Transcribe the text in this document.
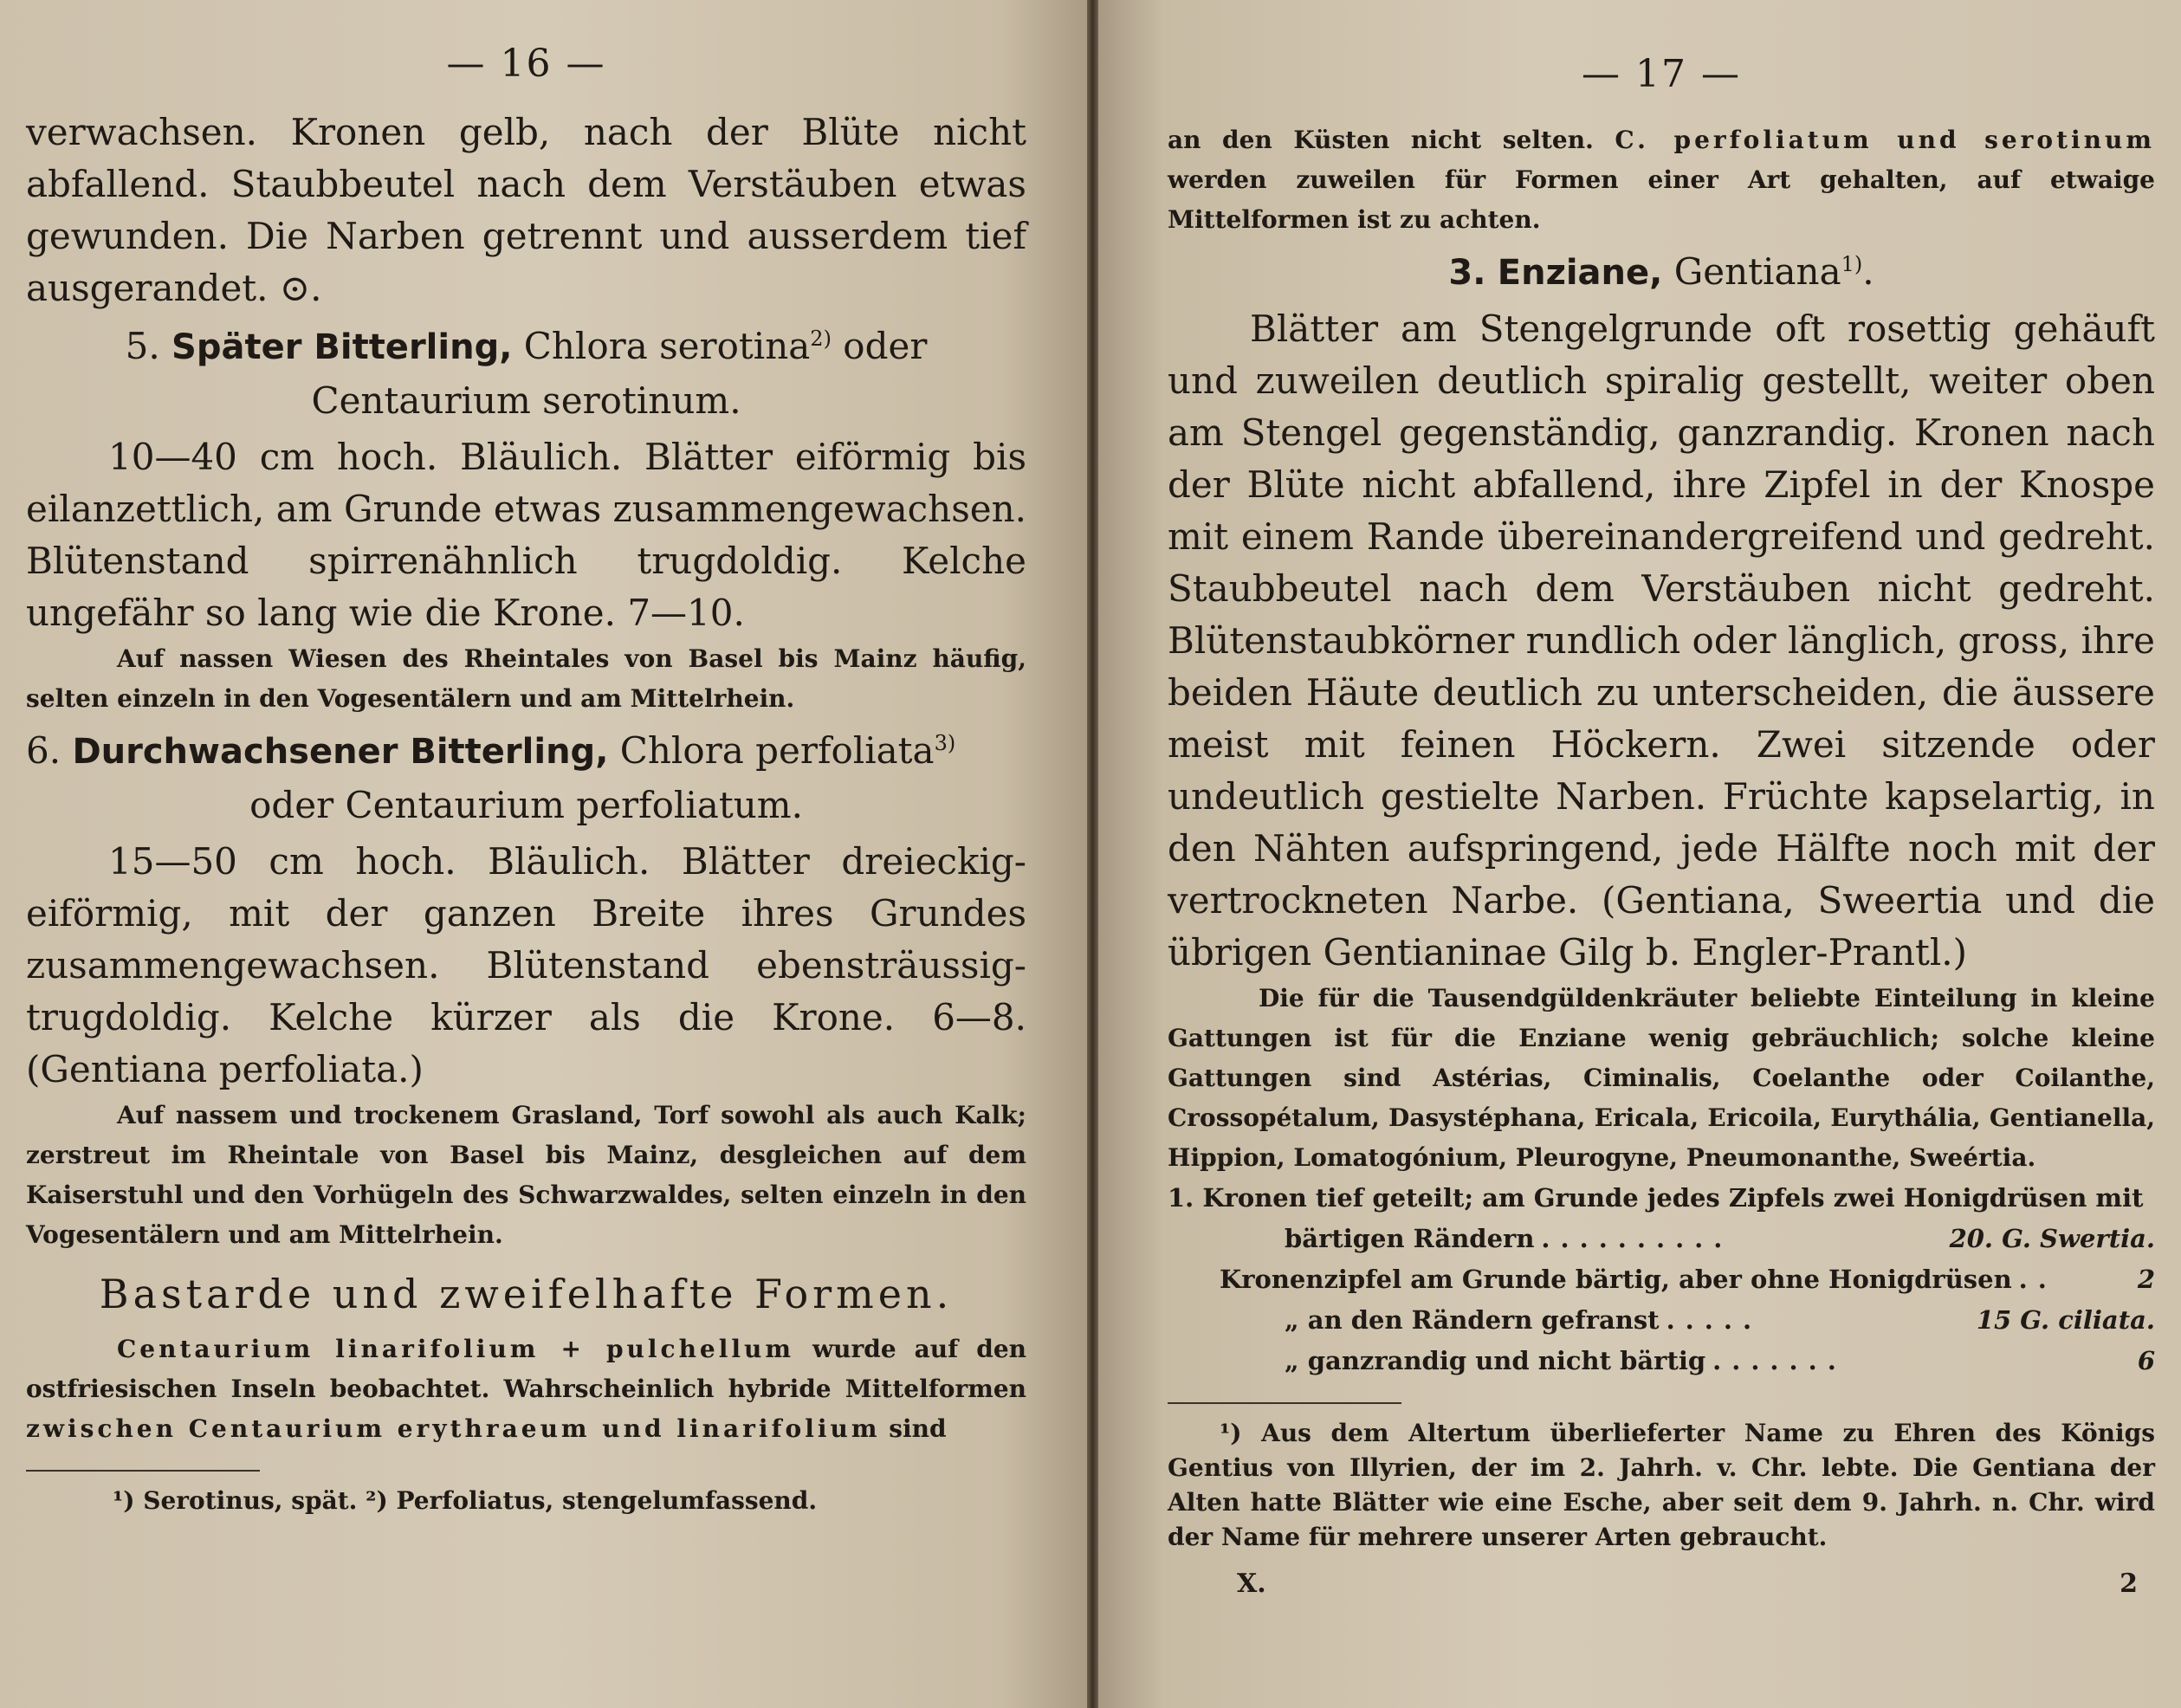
— 16 —

verwachsen. Kronen gelb, nach der Blüte nicht abfallend. Staubbeutel nach dem Verstäuben etwas gewunden. Die Narben getrennt und ausserdem tief ausgerandet. ⊙.

5. Später Bitterling, Chlora serotina$^{2)}$ oder
Centaurium serotinum.

10—40 cm hoch. Bläulich. Blätter eiförmig bis eilanzettlich, am Grunde etwas zusammengewachsen. Blütenstand spirrenähnlich trugdoldig. Kelche ungefähr so lang wie die Krone. 7—10.

Auf nassen Wiesen des Rheintales von Basel bis Mainz häufig, selten einzeln in den Vogesentälern und am Mittelrhein.

6. Durchwachsener Bitterling, Chlora perfoliata$^{3)}$

oder Centaurium perfoliatum.

15—50 cm hoch. Bläulich. Blätter dreieckig-eiförmig, mit der ganzen Breite ihres Grundes zusammengewachsen. Blütenstand ebensträussig-trugdoldig. Kelche kürzer als die Krone. 6—8. (Gentiana perfoliata.)

Auf nassem und trockenem Grasland, Torf sowohl als auch Kalk; zerstreut im Rheintale von Basel bis Mainz, desgleichen auf dem Kaiserstuhl und den Vorhügeln des Schwarzwaldes, selten einzeln in den Vogesentälern und am Mittelrhein.

Bastarde und zweifelhafte Formen.

Centaurium linarifolium + pulchellum wurde auf den ostfriesischen Inseln beobachtet. Wahrscheinlich hybride Mittelformen zwischen Centaurium erythraeum und linarifolium sind

¹) Serotinus, spät. ²) Perfoliatus, stengelumfassend.
— 17 —

an den Küsten nicht selten. C. perfoliatum und serotinum werden zuweilen für Formen einer Art gehalten, auf etwaige Mittelformen ist zu achten.

3. Enziane, Gentiana$^{1)}$.

Blätter am Stengelgrunde oft rosettig gehäuft und zuweilen deutlich spiralig gestellt, weiter oben am Stengel gegenständig, ganzrandig. Kronen nach der Blüte nicht abfallend, ihre Zipfel in der Knospe mit einem Rande übereinandergreifend und gedreht. Staubbeutel nach dem Verstäuben nicht gedreht. Blütenstaubkörner rundlich oder länglich, gross, ihre beiden Häute deutlich zu unterscheiden, die äussere meist mit feinen Höckern. Zwei sitzende oder undeutlich gestielte Narben. Früchte kapselartig, in den Nähten aufspringend, jede Hälfte noch mit der vertrockneten Narbe. (Gentiana, Sweertia und die übrigen Gentianinae Gilg b. Engler-Prantl.)

Die für die Tausendgüldenkräuter beliebte Einteilung in kleine Gattungen ist für die Enziane wenig gebräuchlich; solche kleine Gattungen sind Astérias, Ciminalis, Coelanthe oder Coilanthe, Crossopétalum, Dasystéphana, Ericala, Ericoila, Eurythália, Gentianella, Hippion, Lomatogónium, Pleurogyne, Pneumonanthe, Sweértia.

1. Kronen tief geteilt; am Grunde jedes Zipfels zwei Honigdrüsen mit
bärtigen Rändern ..........	20. G. Swertia.
Kronenzipfel am Grunde bärtig, aber ohne Honigdrüsen ..	2
„ an den Rändern gefranst .....	15 G. ciliata.
„ ganzrandig und nicht bärtig .......	6
¹) Aus dem Altertum überlieferter Name zu Ehren des Königs Gentius von Illyrien, der im 2. Jahrh. v. Chr. lebte. Die Gentiana der Alten hatte Blätter wie eine Esche, aber seit dem 9. Jahrh. n. Chr. wird der Name für mehrere unserer Arten gebraucht.
X.	2
